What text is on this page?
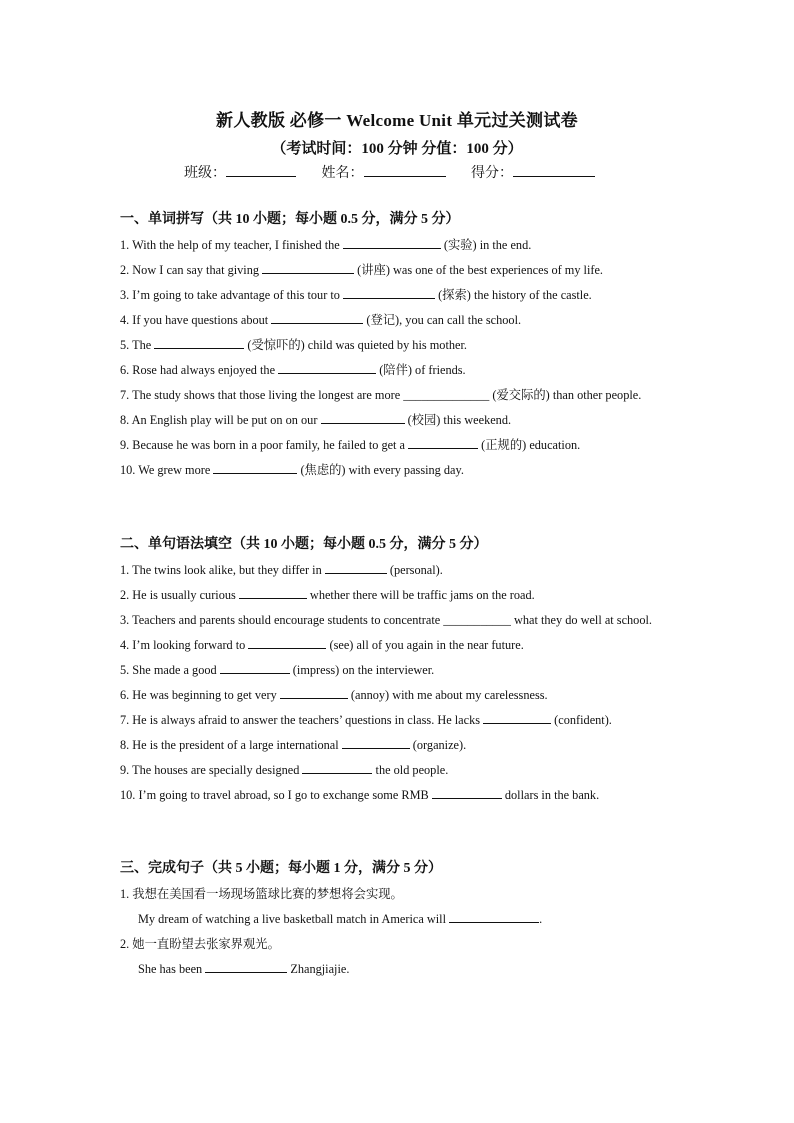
新人教版 必修一 Welcome Unit 单元过关测试卷
（考试时间：100 分钟 分值：100 分）
班级：	姓名：	得分：
一、单词拼写（共 10 小题；每小题 0.5 分，满分 5 分）
1. With the help of my teacher, I finished the	(实验) in the end.
2. Now I can say that giving	(讲座) was one of the best experiences of my life.
3. I’m going to take advantage of this tour to	(探索) the history of the castle.
4. If you have questions about	(登记), you can call the school.
5. The	(受惊吓的) child was quieted by his mother.
6. Rose had always enjoyed the	(陪伴) of friends.
7. The study shows that those living the longest are more ______________ (爱交际的) than other people.
8. An English play will be put on on our	(校园) this weekend.
9. Because he was born in a poor family, he failed to get a	(正规的) education.
10. We grew more	(焦虑的) with every passing day.
二、单句语法填空（共 10 小题；每小题 0.5 分，满分 5 分）
1. The twins look alike, but they differ in	(personal).
2. He is usually curious	whether there will be traffic jams on the road.
3. Teachers and parents should encourage students to concentrate ___________ what they do well at school.
4. I’m looking forward to	(see) all of you again in the near future.
5. She made a good	(impress) on the interviewer.
6. He was beginning to get very	(annoy) with me about my carelessness.
7. He is always afraid to answer the teachers’ questions in class. He lacks	(confident).
8. He is the president of a large international	(organize).
9. The houses are specially designed	the old people.
10. I’m going to travel abroad, so I go to exchange some RMB	dollars in the bank.
三、完成句子（共 5 小题；每小题 1 分，满分 5 分）
1. 我想在美国看一场现场篮球比赛的梦想将会实现。
My dream of watching a live basketball match in America will	.
2. 她一直盼望去张家界观光。
She has been	Zhangjiajie.
